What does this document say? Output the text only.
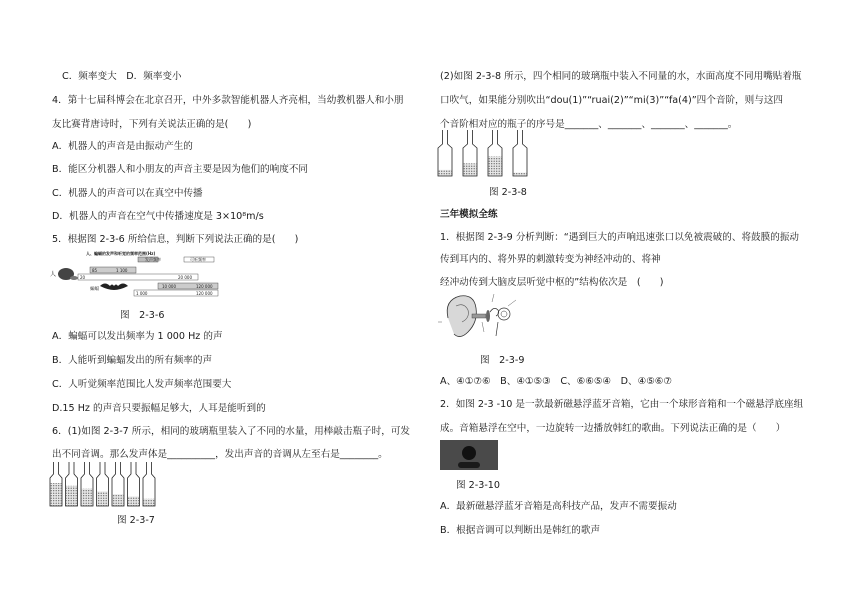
C．频率变大　D．频率变小
4．第十七届科博会在北京召开，中外多款智能机器人齐亮相，当幼教机器人和小朋
友比赛背唐诗时，下列有关说法正确的是(　　)
A．机器人的声音是由振动产生的
B．能区分机器人和小朋友的声音主要是因为他们的响度不同
C．机器人的声音可以在真空中传播
D．机器人的声音在空气中传播速度是 3×10⁸m/s
5．根据图 2-3-6 所给信息，判断下列说法正确的是(　　)
人、蝙蝠的发声和听觉的频率范围(Hz)
发声频率	可听频率
人
85	1 100
20	20 000
蝙蝠
10 000	120 000
1 000	120 000
图　2-3-6
A．蝙蝠可以发出频率为 1 000 Hz 的声
B．人能听到蝙蝠发出的所有频率的声
C．人听觉频率范围比人发声频率范围要大
D.15 Hz 的声音只要振幅足够大，人耳是能听到的
6．(1)如图 2-3-7 所示，相同的玻璃瓶里装入了不同的水量，用棒敲击瓶子时，可发
出不同音调。那么发声体是__________，发出声音的音调从左至右是________。
图 2-3-7
(2)如图 2-3-8 所示，四个相同的玻璃瓶中装入不同量的水，水面高度不同用嘴贴着瓶
口吹气，如果能分别吹出“dou(1)”“ruai(2)”“mi(3)”“fa(4)”四个音阶，则与这四
个音阶相对应的瓶子的序号是_______、_______、_______、_______。
图 2-3-8
三年模拟全练
1．根据图 2-3-9 分析判断：“遇到巨大的声响迅速张口以免被震破的、将鼓膜的振动
传到耳内的、将外界的刺激转变为神经冲动的、将神
经冲动传到大脑皮层听觉中枢的”结构依次是　(　　)
图　2-3-9
A、④①⑦⑥　B、④①⑤③　C、⑥⑥⑤④　D、④⑤⑥⑦
2．如图 2-3 -10 是一款最新磁悬浮蓝牙音箱，它由一个球形音箱和一个磁悬浮底座组
成。音箱悬浮在空中，一边旋转一边播放韩红的歌曲。下列说法正确的是（　　）
图 2-3-10
A．最新磁悬浮蓝牙音箱是高科技产品，发声不需要振动
B．根据音调可以判断出是韩红的歌声
